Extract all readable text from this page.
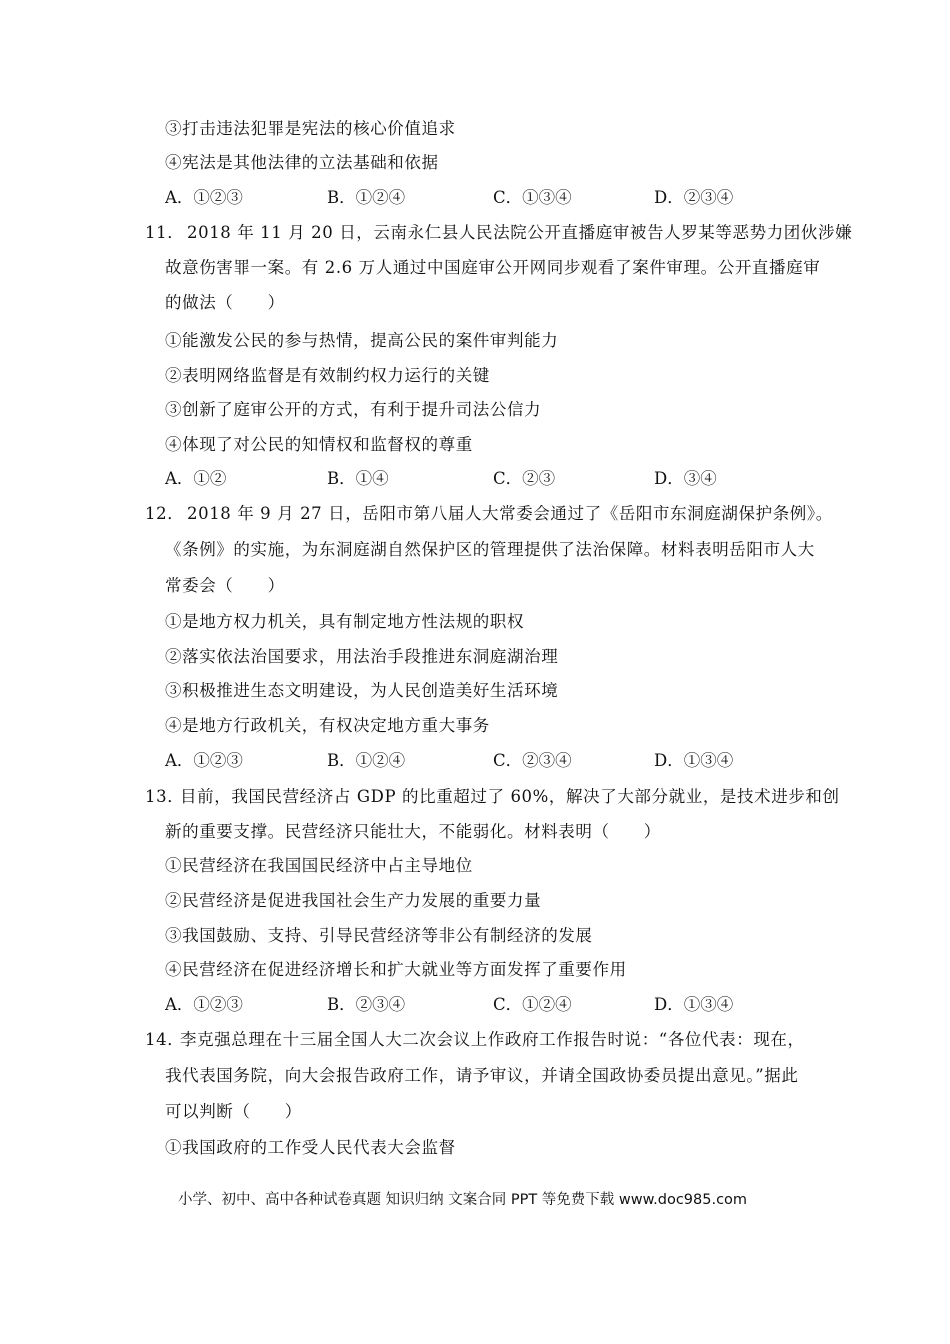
③打击违法犯罪是宪法的核心价值追求
④宪法是其他法律的立法基础和依据
A．①②③	B．①②④	C．①③④	D．②③④
11． 2018 年 11 月 20 日，云南永仁县人民法院公开直播庭审被告人罗某等恶势力团伙涉嫌
故意伤害罪一案。有 2.6 万人通过中国庭审公开网同步观看了案件审理。公开直播庭审
的做法（　　）
①能激发公民的参与热情，提高公民的案件审判能力
②表明网络监督是有效制约权力运行的关键
③创新了庭审公开的方式，有利于提升司法公信力
④体现了对公民的知情权和监督权的尊重
A．①②	B．①④	C．②③	D．③④
12． 2018 年 9 月 27 日，岳阳市第八届人大常委会通过了《岳阳市东洞庭湖保护条例》。
《条例》的实施，为东洞庭湖自然保护区的管理提供了法治保障。材料表明岳阳市人大
常委会（　　）
①是地方权力机关，具有制定地方性法规的职权
②落实依法治国要求，用法治手段推进东洞庭湖治理
③积极推进生态文明建设，为人民创造美好生活环境
④是地方行政机关，有权决定地方重大事务
A．①②③	B．①②④	C．②③④	D．①③④
13．
目前，我国民营经济占 GDP 的比重超过了 60%，解决了大部分就业，是技术进步和创
新的重要支撑。民营经济只能壮大，不能弱化。材料表明（　　）
①民营经济在我国国民经济中占主导地位
②民营经济是促进我国社会生产力发展的重要力量
③我国鼓励、支持、引导民营经济等非公有制经济的发展
④民营经济在促进经济增长和扩大就业等方面发挥了重要作用
A．①②③	B．②③④	C．①②④	D．①③④
14．
李克强总理在十三届全国人大二次会议上作政府工作报告时说：“各位代表：现在，
我代表国务院，向大会报告政府工作，请予审议，并请全国政协委员提出意见。”据此
可以判断（　　）
①我国政府的工作受人民代表大会监督
小学、初中、高中各种试卷真题 知识归纳 文案合同 PPT 等免费下载 www.doc985.com
